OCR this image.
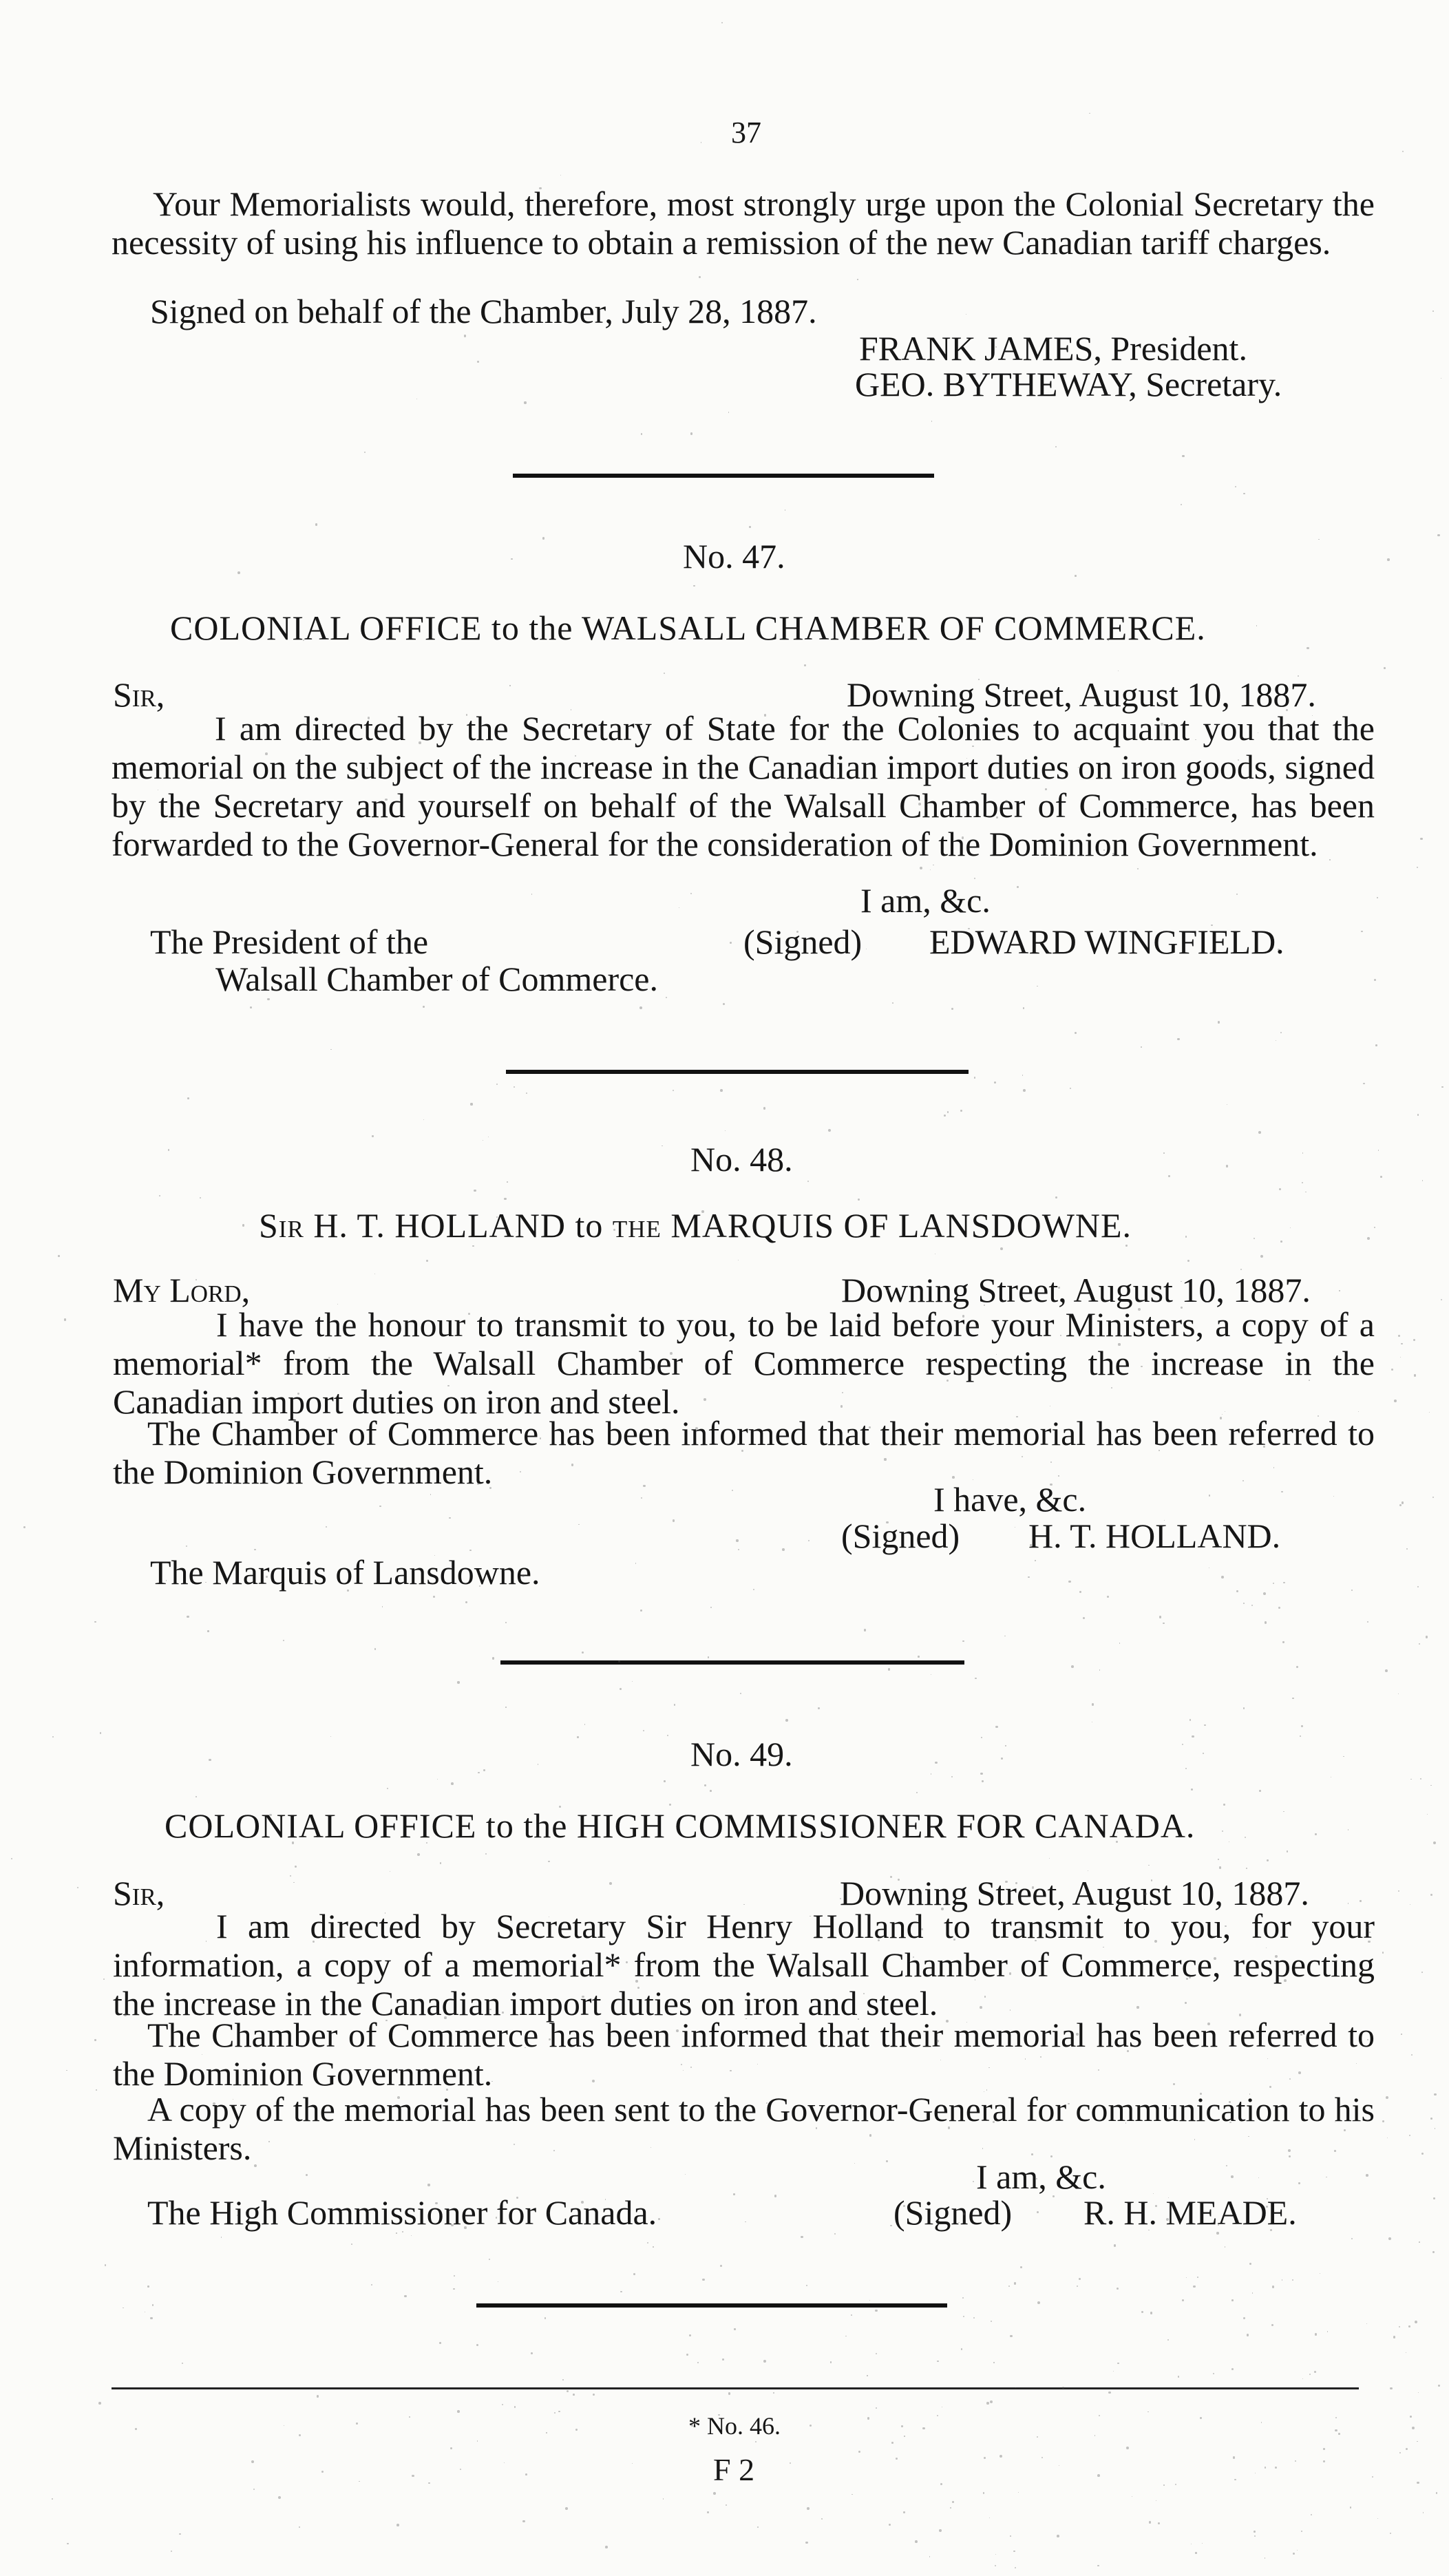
37
Your Memorialists would, therefore, most strongly urge upon the Colonial Secretary the necessity of using his influence to obtain a remission of the new Canadian tariff charges.
Signed on behalf of the Chamber, July 28, 1887.
FRANK JAMES, President.
GEO. BYTHEWAY, Secretary.
No. 47.
COLONIAL OFFICE to the WALSALL CHAMBER OF COMMERCE.
Sir,	Downing Street, August 10, 1887.
I am directed by the Secretary of State for the Colonies to acquaint you that the memorial on the subject of the increase in the Canadian import duties on iron goods, signed by the Secretary and yourself on behalf of the Walsall Chamber of Commerce, has been forwarded to the Governor-General for the consideration of the Dominion Government.
I am, &c.
The President of the
Walsall Chamber of Commerce.
(Signed) EDWARD WINGFIELD.
No. 48.
Sir H. T. HOLLAND to the MARQUIS OF LANSDOWNE.
My Lord,	Downing Street, August 10, 1887.
I have the honour to transmit to you, to be laid before your Ministers, a copy of a memorial* from the Walsall Chamber of Commerce respecting the increase in the Canadian import duties on iron and steel.
The Chamber of Commerce has been informed that their memorial has been referred to the Dominion Government.
I have, &c.
(Signed) H. T. HOLLAND.
The Marquis of Lansdowne.
No. 49.
COLONIAL OFFICE to the HIGH COMMISSIONER FOR CANADA.
Sir,	Downing Street, August 10, 1887.
I am directed by Secretary Sir Henry Holland to transmit to you, for your information, a copy of a memorial* from the Walsall Chamber of Commerce, respecting the increase in the Canadian import duties on iron and steel.
The Chamber of Commerce has been informed that their memorial has been referred to the Dominion Government.
A copy of the memorial has been sent to the Governor-General for communication to his Ministers.
I am, &c.
The High Commissioner for Canada.	(Signed) R. H. MEADE.
* No. 46.
F 2
